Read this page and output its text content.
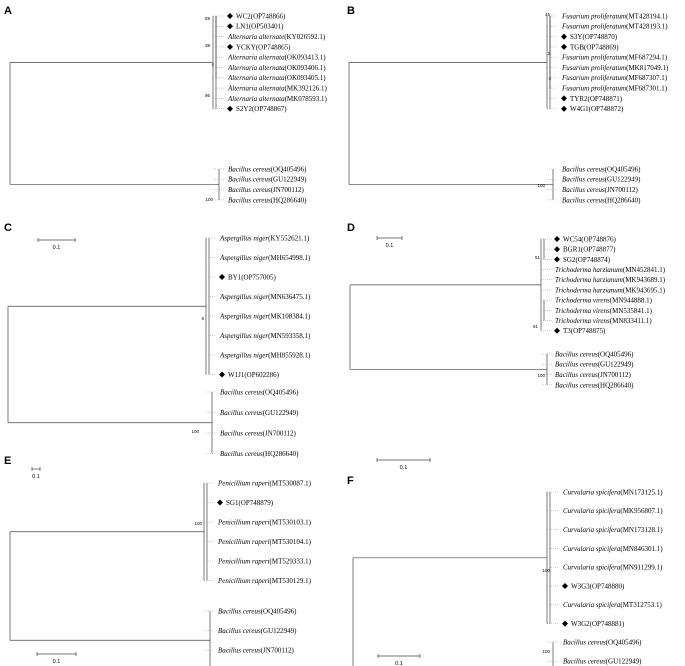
A	WC2(OP748866)
LN1(OP503401)
Alternaria alternate(KY026592.1)
YCKY(OP748865)
Alternaria alternata(OK093413.1)
Alternaria alternata(OK093406.1)
Alternaria alternata(OK093405.1)
Alternaria alternata(MK392126.1)
Alternaria alternata(MK078593.1)
S2Y2(OP748867)
Bacillus cereus(OQ405496)
Bacillus cereus(GU122949)
Bacillus cereus(JN700112)
Bacillus cereus(HQ286640)
59
38
4
96
100
0.1
B	Fusarium proliferatum(MT428194.1)
Fusarium proliferatum(MT428193.1)
S3Y(OP748870)
TGB(OP748869)
Fusarium proliferatum(MF687294.1)
Fusarium proliferatum(MK817049.1)
Fusarium proliferatum(MF687307.1)
Fusarium proliferatum(MF687301.1)
TYR2(OP748871)
W4G1(OP748872)
Bacillus cereus(OQ405496)
Bacillus cereus(GU122949)
Bacillus cereus(JN700112)
Bacillus cereus(HQ286640)
45
2
4
100
0.1
C
Aspergillus niger(KY552621.1)
Aspergillus niger(MH654998.1)
BY1(OP757005)
Aspergillus niger(MN636475.1)
Aspergillus niger(MK108384.1)
Aspergillus niger(MN593358.1)
Aspergillus niger(MH855928.1)
W1J1(OP602286)
Bacillus cereus(OQ405496)
Bacillus cereus(GU122949)
Bacillus cereus(JN700112)
Bacillus cereus(HQ286640)
6
100
0.1
D
WC54(OP748876)
BGR1(OP748877)
SG2(OP748874)
Trichoderma harzianum(MN452841.1)
Trichoderma harzianum(MK943689.1)
Trichoderma harzianum(MK943695.1)
Trichoderma virens(MN944888.1)
Trichoderma virens(MN535841.1)
Trichoderma virens(MN833411.1)
T3(OP748875)
Bacillus cereus(OQ405496)
Bacillus cereus(GU122949)
Bacillus cereus(JN700112)
Bacillus cereus(HQ286640)
51
91
100
0.1
E
Penicillium raperi(MT530087.1)
SG1(OP748879)
Penicillium raperi(MT530103.1)
Penicillium raperi(MT530104.1)
Penicillium raperi(MT529333.1)
Penicillium raperi(MT530129.1)
Bacillus cereus(OQ405496)
Bacillus cereus(GU122949)
Bacillus cereus(JN700112)
100
0.1
F
Curvularia spicifera(MN173125.1)
Curvularia spicifera(MK956807.1)
Curvularia spicifera(MN173128.1)
Curvularia spicifera(MN846301.1)
Curvularia spicifera(MN911299.1)
W3G3(OP748880)
Curvularia spicifera(MT312753.1)
W3G2(OP748881)
Bacillus cereus(OQ405496)
Bacillus cereus(GU122949)
100
100
0.1
